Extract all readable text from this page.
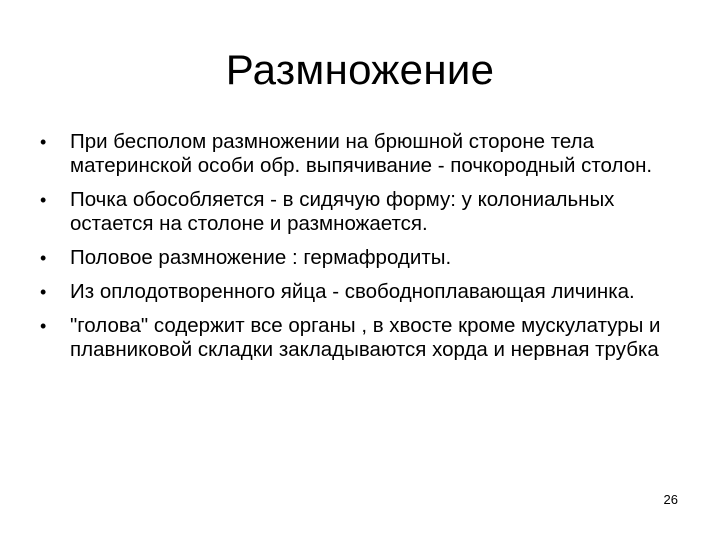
Размножение
• При бесполом размножении на брюшной стороне тела материнской особи обр. выпячивание - почкородный столон.
• Почка обособляется - в сидячую форму: у колониальных остается на столоне и размножается.
• Половое размножение : гермафродиты.
• Из оплодотворенного яйца - свободноплавающая личинка.
• "голова" содержит все органы , в хвосте кроме мускулатуры и плавниковой складки закладываются хорда и нервная трубка
26
